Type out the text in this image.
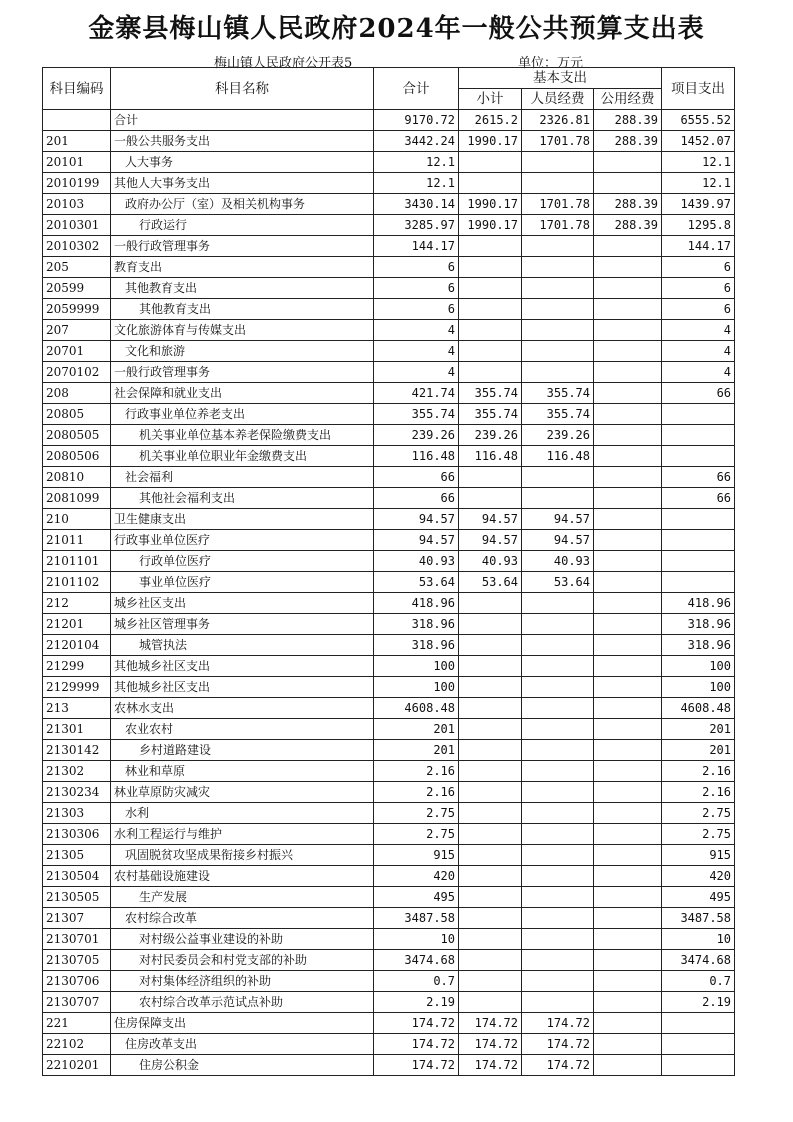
金寨县梅山镇人民政府2024年一般公共预算支出表
梅山镇人民政府公开表5	单位：万元
科目编码	科目名称	合计	基本支出			项目支出
			小计	人员经费	公用经费	
	合计	9170.72	2615.2	2326.81	288.39	6555.52
201	一般公共服务支出	3442.24	1990.17	1701.78	288.39	1452.07
20101	人大事务	12.1				12.1
2010199	其他人大事务支出	12.1				12.1
20103	政府办公厅（室）及相关机构事务	3430.14	1990.17	1701.78	288.39	1439.97
2010301	行政运行	3285.97	1990.17	1701.78	288.39	1295.8
2010302	一般行政管理事务	144.17				144.17
205	教育支出	6				6
20599	其他教育支出	6				6
2059999	其他教育支出	6				6
207	文化旅游体育与传媒支出	4				4
20701	文化和旅游	4				4
2070102	一般行政管理事务	4				4
208	社会保障和就业支出	421.74	355.74	355.74		66
20805	行政事业单位养老支出	355.74	355.74	355.74		
2080505	机关事业单位基本养老保险缴费支出	239.26	239.26	239.26		
2080506	机关事业单位职业年金缴费支出	116.48	116.48	116.48		
20810	社会福利	66				66
2081099	其他社会福利支出	66				66
210	卫生健康支出	94.57	94.57	94.57		
21011	行政事业单位医疗	94.57	94.57	94.57		
2101101	行政单位医疗	40.93	40.93	40.93		
2101102	事业单位医疗	53.64	53.64	53.64		
212	城乡社区支出	418.96				418.96
21201	城乡社区管理事务	318.96				318.96
2120104	城管执法	318.96				318.96
21299	其他城乡社区支出	100				100
2129999	其他城乡社区支出	100				100
213	农林水支出	4608.48				4608.48
21301	农业农村	201				201
2130142	乡村道路建设	201				201
21302	林业和草原	2.16				2.16
2130234	林业草原防灾减灾	2.16				2.16
21303	水利	2.75				2.75
2130306	水利工程运行与维护	2.75				2.75
21305	巩固脱贫攻坚成果衔接乡村振兴	915				915
2130504	农村基础设施建设	420				420
2130505	生产发展	495				495
21307	农村综合改革	3487.58				3487.58
2130701	对村级公益事业建设的补助	10				10
2130705	对村民委员会和村党支部的补助	3474.68				3474.68
2130706	对村集体经济组织的补助	0.7				0.7
2130707	农村综合改革示范试点补助	2.19				2.19
221	住房保障支出	174.72	174.72	174.72		
22102	住房改革支出	174.72	174.72	174.72		
2210201	住房公积金	174.72	174.72	174.72		
